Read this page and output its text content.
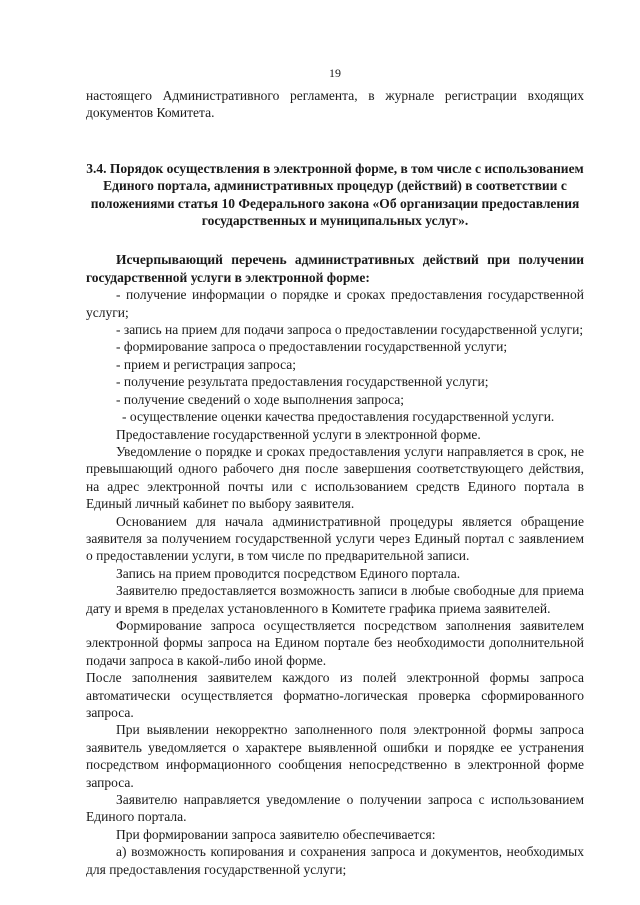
19

настоящего Административного регламента, в журнале регистрации входящих документов Комитета.

3.4. Порядок осуществления в электронной форме, в том числе с использованием Единого портала, административных процедур (действий) в соответствии с положениями статья 10 Федерального закона «Об организации предоставления государственных и муниципальных услуг».

Исчерпывающий перечень административных действий при получении государственной услуги в электронной форме:

- получение информации о порядке и сроках предоставления государственной услуги;

- запись на прием для подачи запроса о предоставлении государственной услуги;

- формирование запроса о предоставлении государственной услуги;

- прием и регистрация запроса;

- получение результата предоставления государственной услуги;

- получение сведений о ходе выполнения запроса;

- осуществление оценки качества предоставления государственной услуги.

Предоставление государственной услуги в электронной форме.

Уведомление о порядке и сроках предоставления услуги направляется в срок, не превышающий одного рабочего дня после завершения соответствующего действия, на адрес электронной почты или с использованием средств Единого портала в Единый личный кабинет по выбору заявителя.

Основанием для начала административной процедуры является обращение заявителя за получением государственной услуги через Единый портал с заявлением о предоставлении услуги, в том числе по предварительной записи.

Запись на прием проводится посредством Единого портала.

Заявителю предоставляется возможность записи в любые свободные для приема дату и время в пределах установленного в Комитете графика приема заявителей.

Формирование запроса осуществляется посредством заполнения заявителем электронной формы запроса на Едином портале без необходимости дополнительной подачи запроса в какой-либо иной форме.

После заполнения заявителем каждого из полей электронной формы запроса автоматически осуществляется форматно-логическая проверка сформированного запроса.

При выявлении некорректно заполненного поля электронной формы запроса заявитель уведомляется о характере выявленной ошибки и порядке ее устранения посредством информационного сообщения непосредственно в электронной форме запроса.

Заявителю направляется уведомление о получении запроса с использованием Единого портала.

При формировании запроса заявителю обеспечивается:

а) возможность копирования и сохранения запроса и документов, необходимых для предоставления государственной услуги;
